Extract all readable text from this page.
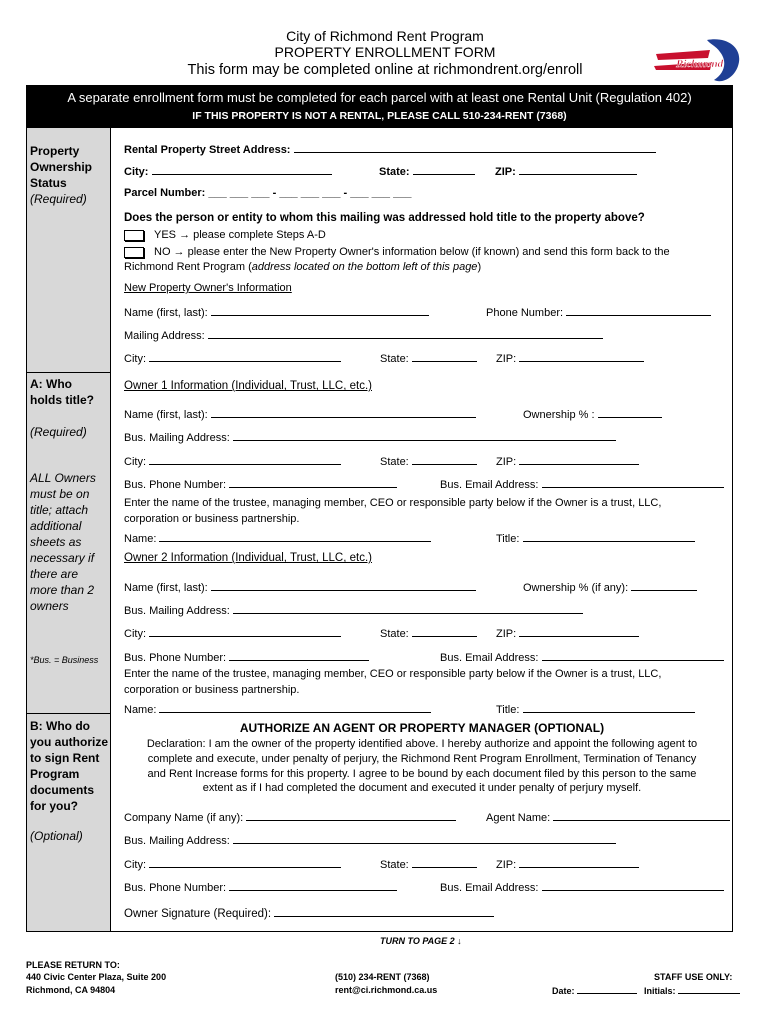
City of Richmond Rent Program
PROPERTY ENROLLMENT FORM
This form may be completed online at richmondrent.org/enroll	Richmond
A separate enrollment form must be completed for each parcel with at least one Rental Unit (Regulation 402)
IF THIS PROPERTY IS NOT A RENTAL, PLEASE CALL 510-234-RENT (7368)
Property Ownership Status
(Required)
A: Who holds title?
(Required)
ALL Owners must be on title; attach additional sheets as necessary if there are more than 2 owners
*Bus. = Business
B: Who do you authorize to sign Rent Program documents for you?
(Optional)
Rental Property Street Address:
City:	State:	ZIP:
Parcel Number: ___ ___ ___ - ___ ___ ___ - ___ ___ ___
Does the person or entity to whom this mailing was addressed hold title to the property above?
YES → please complete Steps A-D
NO → please enter the New Property Owner's information below (if known) and send this form back to the
Richmond Rent Program (address located on the bottom left of this page)
New Property Owner's Information
Name (first, last):	Phone Number:
Mailing Address:
City:	State:	ZIP:
Owner 1 Information (Individual, Trust, LLC, etc.)
Name (first, last):	Ownership % :
Bus. Mailing Address:
City:	State:	ZIP:
Bus. Phone Number:	Bus. Email Address:
Enter the name of the trustee, managing member, CEO or responsible party below if the Owner is a trust, LLC,
corporation or business partnership.
Name:	Title:
Owner 2 Information (Individual, Trust, LLC, etc.)
Name (first, last):	Ownership % (if any):
Bus. Mailing Address:
City:	State:	ZIP:
Bus. Phone Number:	Bus. Email Address:
Enter the name of the trustee, managing member, CEO or responsible party below if the Owner is a trust, LLC,
corporation or business partnership.
Name:	Title:
AUTHORIZE AN AGENT OR PROPERTY MANAGER (OPTIONAL)
Declaration: I am the owner of the property identified above. I hereby authorize and appoint the following agent to
complete and execute, under penalty of perjury, the Richmond Rent Program Enrollment, Termination of Tenancy
and Rent Increase forms for this property. I agree to be bound by each document filed by this person to the same
extent as if I had completed the document and executed it under penalty of perjury myself.
Company Name (if any):	Agent Name:
Bus. Mailing Address:
City:	State:	ZIP:
Bus. Phone Number:	Bus. Email Address:
Owner Signature (Required):
TURN TO PAGE 2 ↓
PLEASE RETURN TO:
440 Civic Center Plaza, Suite 200
Richmond, CA 94804
(510) 234-RENT (7368)
rent@ci.richmond.ca.us
STAFF USE ONLY:
Date:	Initials:
